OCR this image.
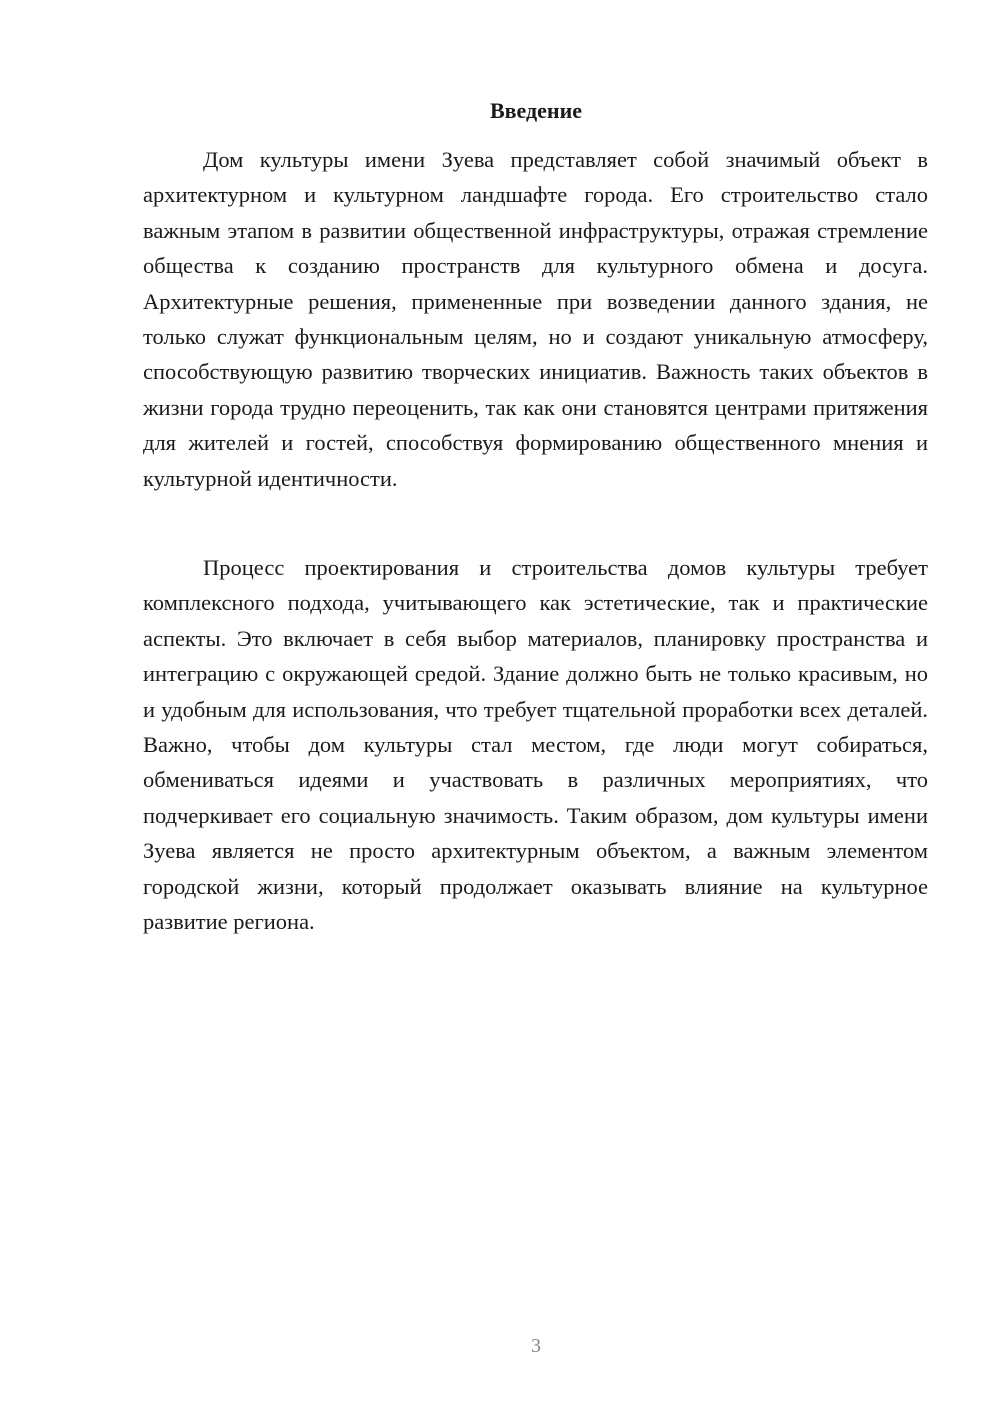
Введение

Дом культуры имени Зуева представляет собой значимый объект в архитектурном и культурном ландшафте города. Его строительство стало важным этапом в развитии общественной инфраструктуры, отражая стремление общества к созданию пространств для культурного обмена и досуга. Архитектурные решения, примененные при возведении данного здания, не только служат функциональным целям, но и создают уникальную атмосферу, способствующую развитию творческих инициатив. Важность таких объектов в жизни города трудно переоценить, так как они становятся центрами притяжения для жителей и гостей, способствуя формированию общественного мнения и культурной идентичности.

Процесс проектирования и строительства домов культуры требует комплексного подхода, учитывающего как эстетические, так и практические аспекты. Это включает в себя выбор материалов, планировку пространства и интеграцию с окружающей средой. Здание должно быть не только красивым, но и удобным для использования, что требует тщательной проработки всех деталей. Важно, чтобы дом культуры стал местом, где люди могут собираться, обмениваться идеями и участвовать в различных мероприятиях, что подчеркивает его социальную значимость. Таким образом, дом культуры имени Зуева является не просто архитектурным объектом, а важным элементом городской жизни, который продолжает оказывать влияние на культурное развитие региона.

3
